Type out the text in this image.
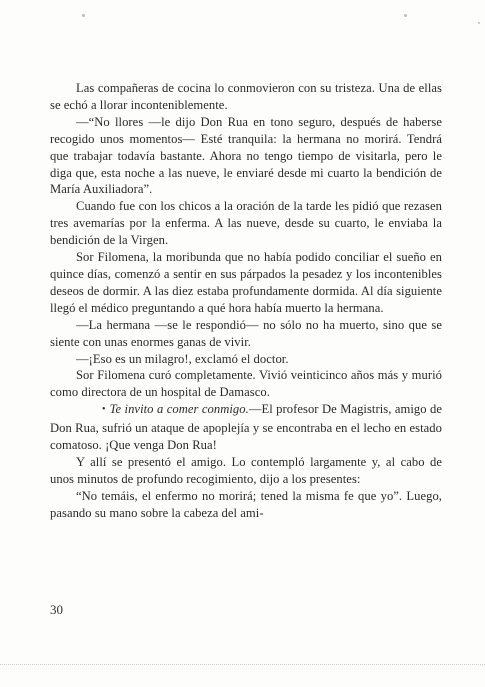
Las compañeras de cocina lo conmovieron con su tristeza. Una de ellas se echó a llorar inconteniblemente.

—“No llores —le dijo Don Rua en tono seguro, después de haberse recogido unos momentos— Esté tranquila: la hermana no morirá. Tendrá que trabajar todavía bastante. Ahora no tengo tiempo de visitarla, pero le diga que, esta noche a las nueve, le enviaré desde mi cuarto la bendición de María Auxiliadora”.

Cuando fue con los chicos a la oración de la tarde les pidió que rezasen tres avemarías por la enferma. A las nueve, desde su cuarto, le enviaba la bendición de la Virgen.

Sor Filomena, la moribunda que no había podido conciliar el sueño en quince días, comenzó a sentir en sus párpados la pesadez y los incontenibles deseos de dormir. A las diez estaba profundamente dormida. Al día siguiente llegó el médico preguntando a qué hora había muerto la hermana.

—La hermana —se le respondió— no sólo no ha muerto, sino que se siente con unas enormes ganas de vivir.

—¡Eso es un milagro!, exclamó el doctor.

Sor Filomena curó completamente. Vivió veinticinco años más y murió como directora de un hospital de Damasco.

• Te invito a comer conmigo.—El profesor De Magistris, amigo de Don Rua, sufrió un ataque de apoplejía y se encontraba en el lecho en estado comatoso. ¡Que venga Don Rua!

Y allí se presentó el amigo. Lo contempló largamente y, al cabo de unos minutos de profundo recogimiento, dijo a los presentes:

“No temáis, el enfermo no morirá; tened la misma fe que yo”. Luego, pasando su mano sobre la cabeza del ami-

30
